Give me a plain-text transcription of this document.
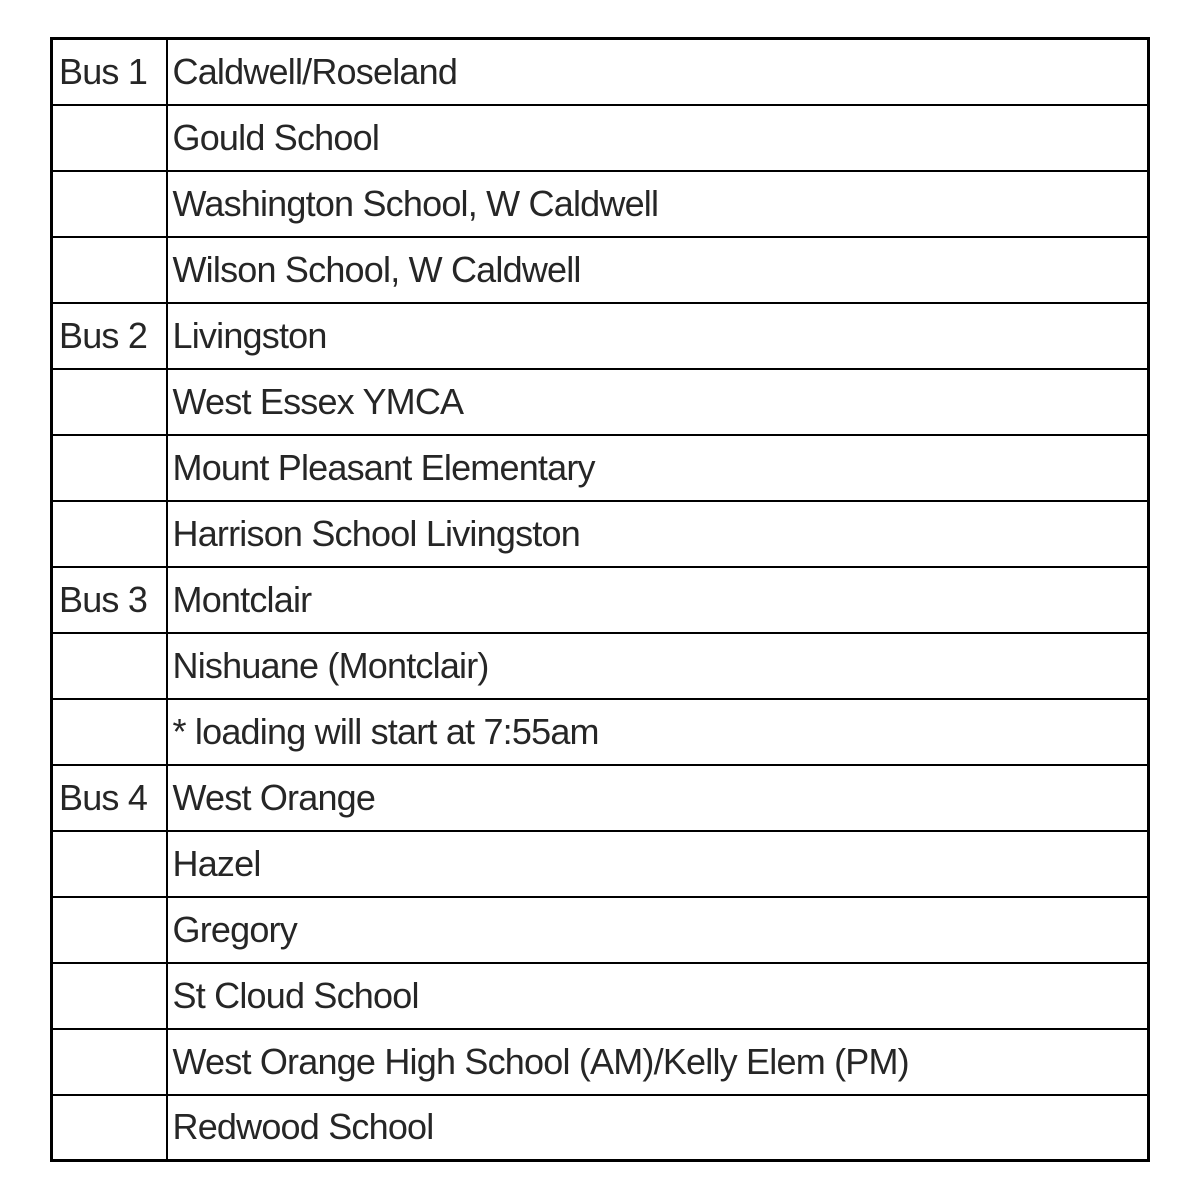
Bus 1	Caldwell/Roseland
	Gould School
	Washington School, W Caldwell
	Wilson School, W Caldwell
Bus 2	Livingston
	West Essex YMCA
	Mount Pleasant Elementary
	Harrison School Livingston
Bus 3	Montclair
	Nishuane (Montclair)
	* loading will start at 7:55am
Bus 4	West Orange
	Hazel
	Gregory
	St Cloud School
	West Orange High School (AM)/Kelly Elem (PM)
	Redwood School
